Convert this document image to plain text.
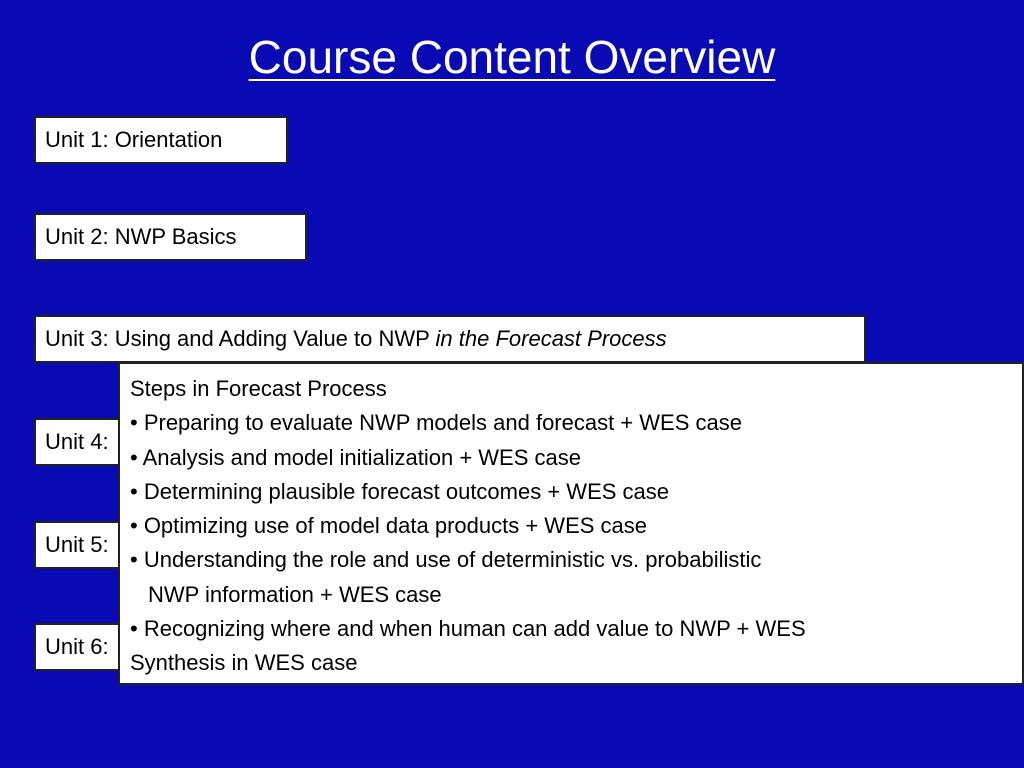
Course Content Overview
Unit 1: Orientation
Unit 2: NWP Basics
Unit 3: Using and Adding Value to NWP in the Forecast Process
Unit 4:
Unit 5:
Unit 6:
Steps in Forecast Process
• Preparing to evaluate NWP models and forecast + WES case
• Analysis and model initialization + WES case
• Determining plausible forecast outcomes + WES case
• Optimizing use of model data products + WES case
• Understanding the role and use of deterministic vs. probabilistic
NWP information + WES case
• Recognizing where and when human can add value to NWP + WES
Synthesis in WES case
